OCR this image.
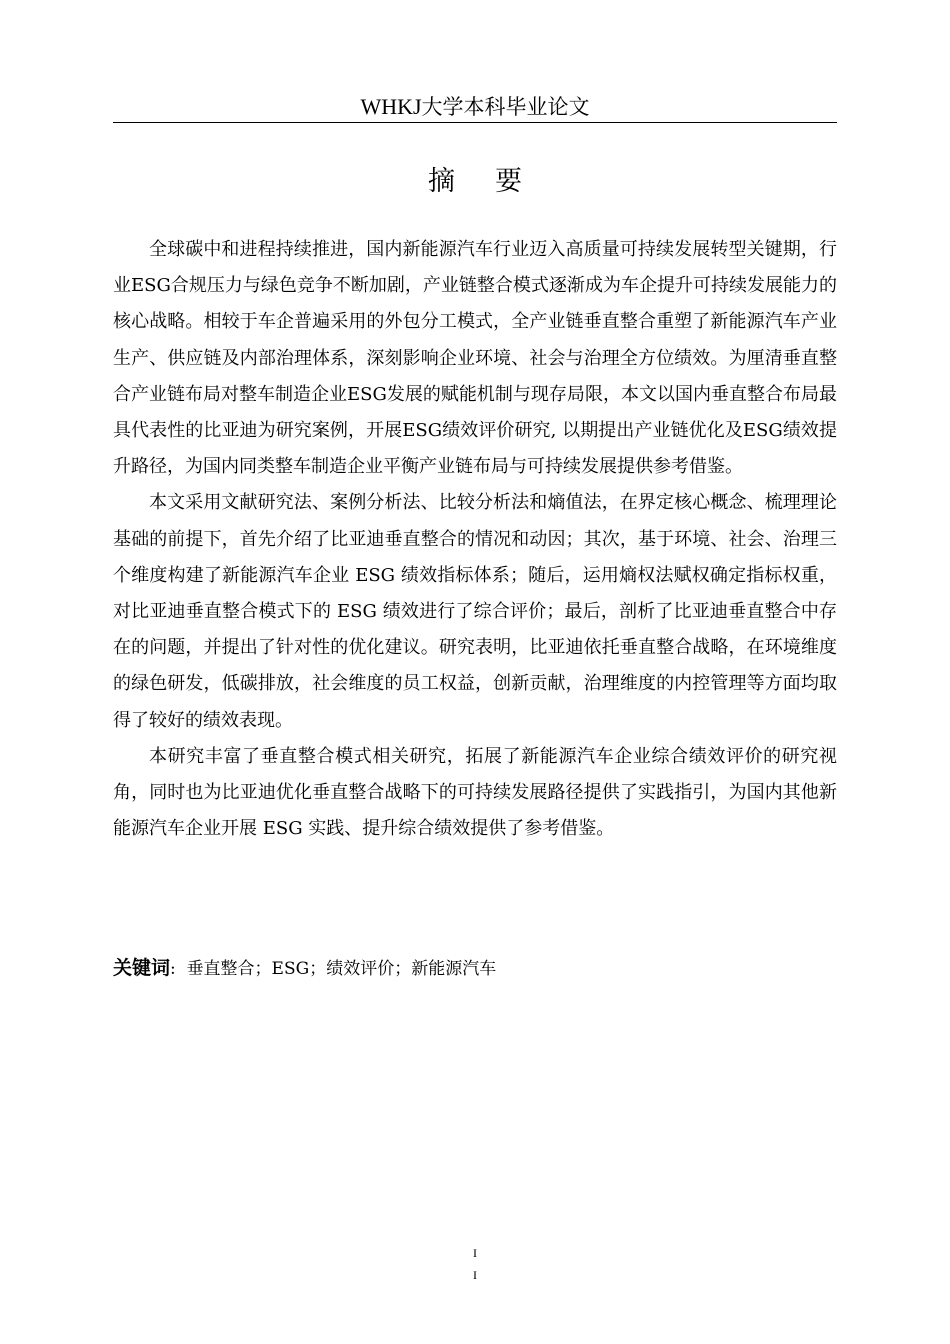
WHKJ大学本科毕业论文
摘要

全球碳中和进程持续推进，国内新能源汽车行业迈入高质量可持续发展转型关键期，行业ESG合规压力与绿色竞争不断加剧，产业链整合模式逐渐成为车企提升可持续发展能力的核心战略。相较于车企普遍采用的外包分工模式，全产业链垂直整合重塑了新能源汽车产业生产、供应链及内部治理体系，深刻影响企业环境、社会与治理全方位绩效。为厘清垂直整合产业链布局对整车制造企业ESG发展的赋能机制与现存局限，本文以国内垂直整合布局最具代表性的比亚迪为研究案例，开展ESG绩效评价研究, 以期提出产业链优化及ESG绩效提升路径，为国内同类整车制造企业平衡产业链布局与可持续发展提供参考借鉴。

本文采用文献研究法、案例分析法、比较分析法和熵值法，在界定核心概念、梳理理论基础的前提下，首先介绍了比亚迪垂直整合的情况和动因；其次，基于环境、社会、治理三个维度构建了新能源汽车企业 ESG 绩效指标体系；随后，运用熵权法赋权确定指标权重，对比亚迪垂直整合模式下的 ESG 绩效进行了综合评价；最后，剖析了比亚迪垂直整合中存在的问题，并提出了针对性的优化建议。研究表明，比亚迪依托垂直整合战略，在环境维度的绿色研发，低碳排放，社会维度的员工权益，创新贡献，治理维度的内控管理等方面均取得了较好的绩效表现。

本研究丰富了垂直整合模式相关研究，拓展了新能源汽车企业综合绩效评价的研究视角，同时也为比亚迪优化垂直整合战略下的可持续发展路径提供了实践指引，为国内其他新能源汽车企业开展 ESG 实践、提升综合绩效提供了参考借鉴。

关键词: 垂直整合；ESG；绩效评价；新能源汽车
I
I
